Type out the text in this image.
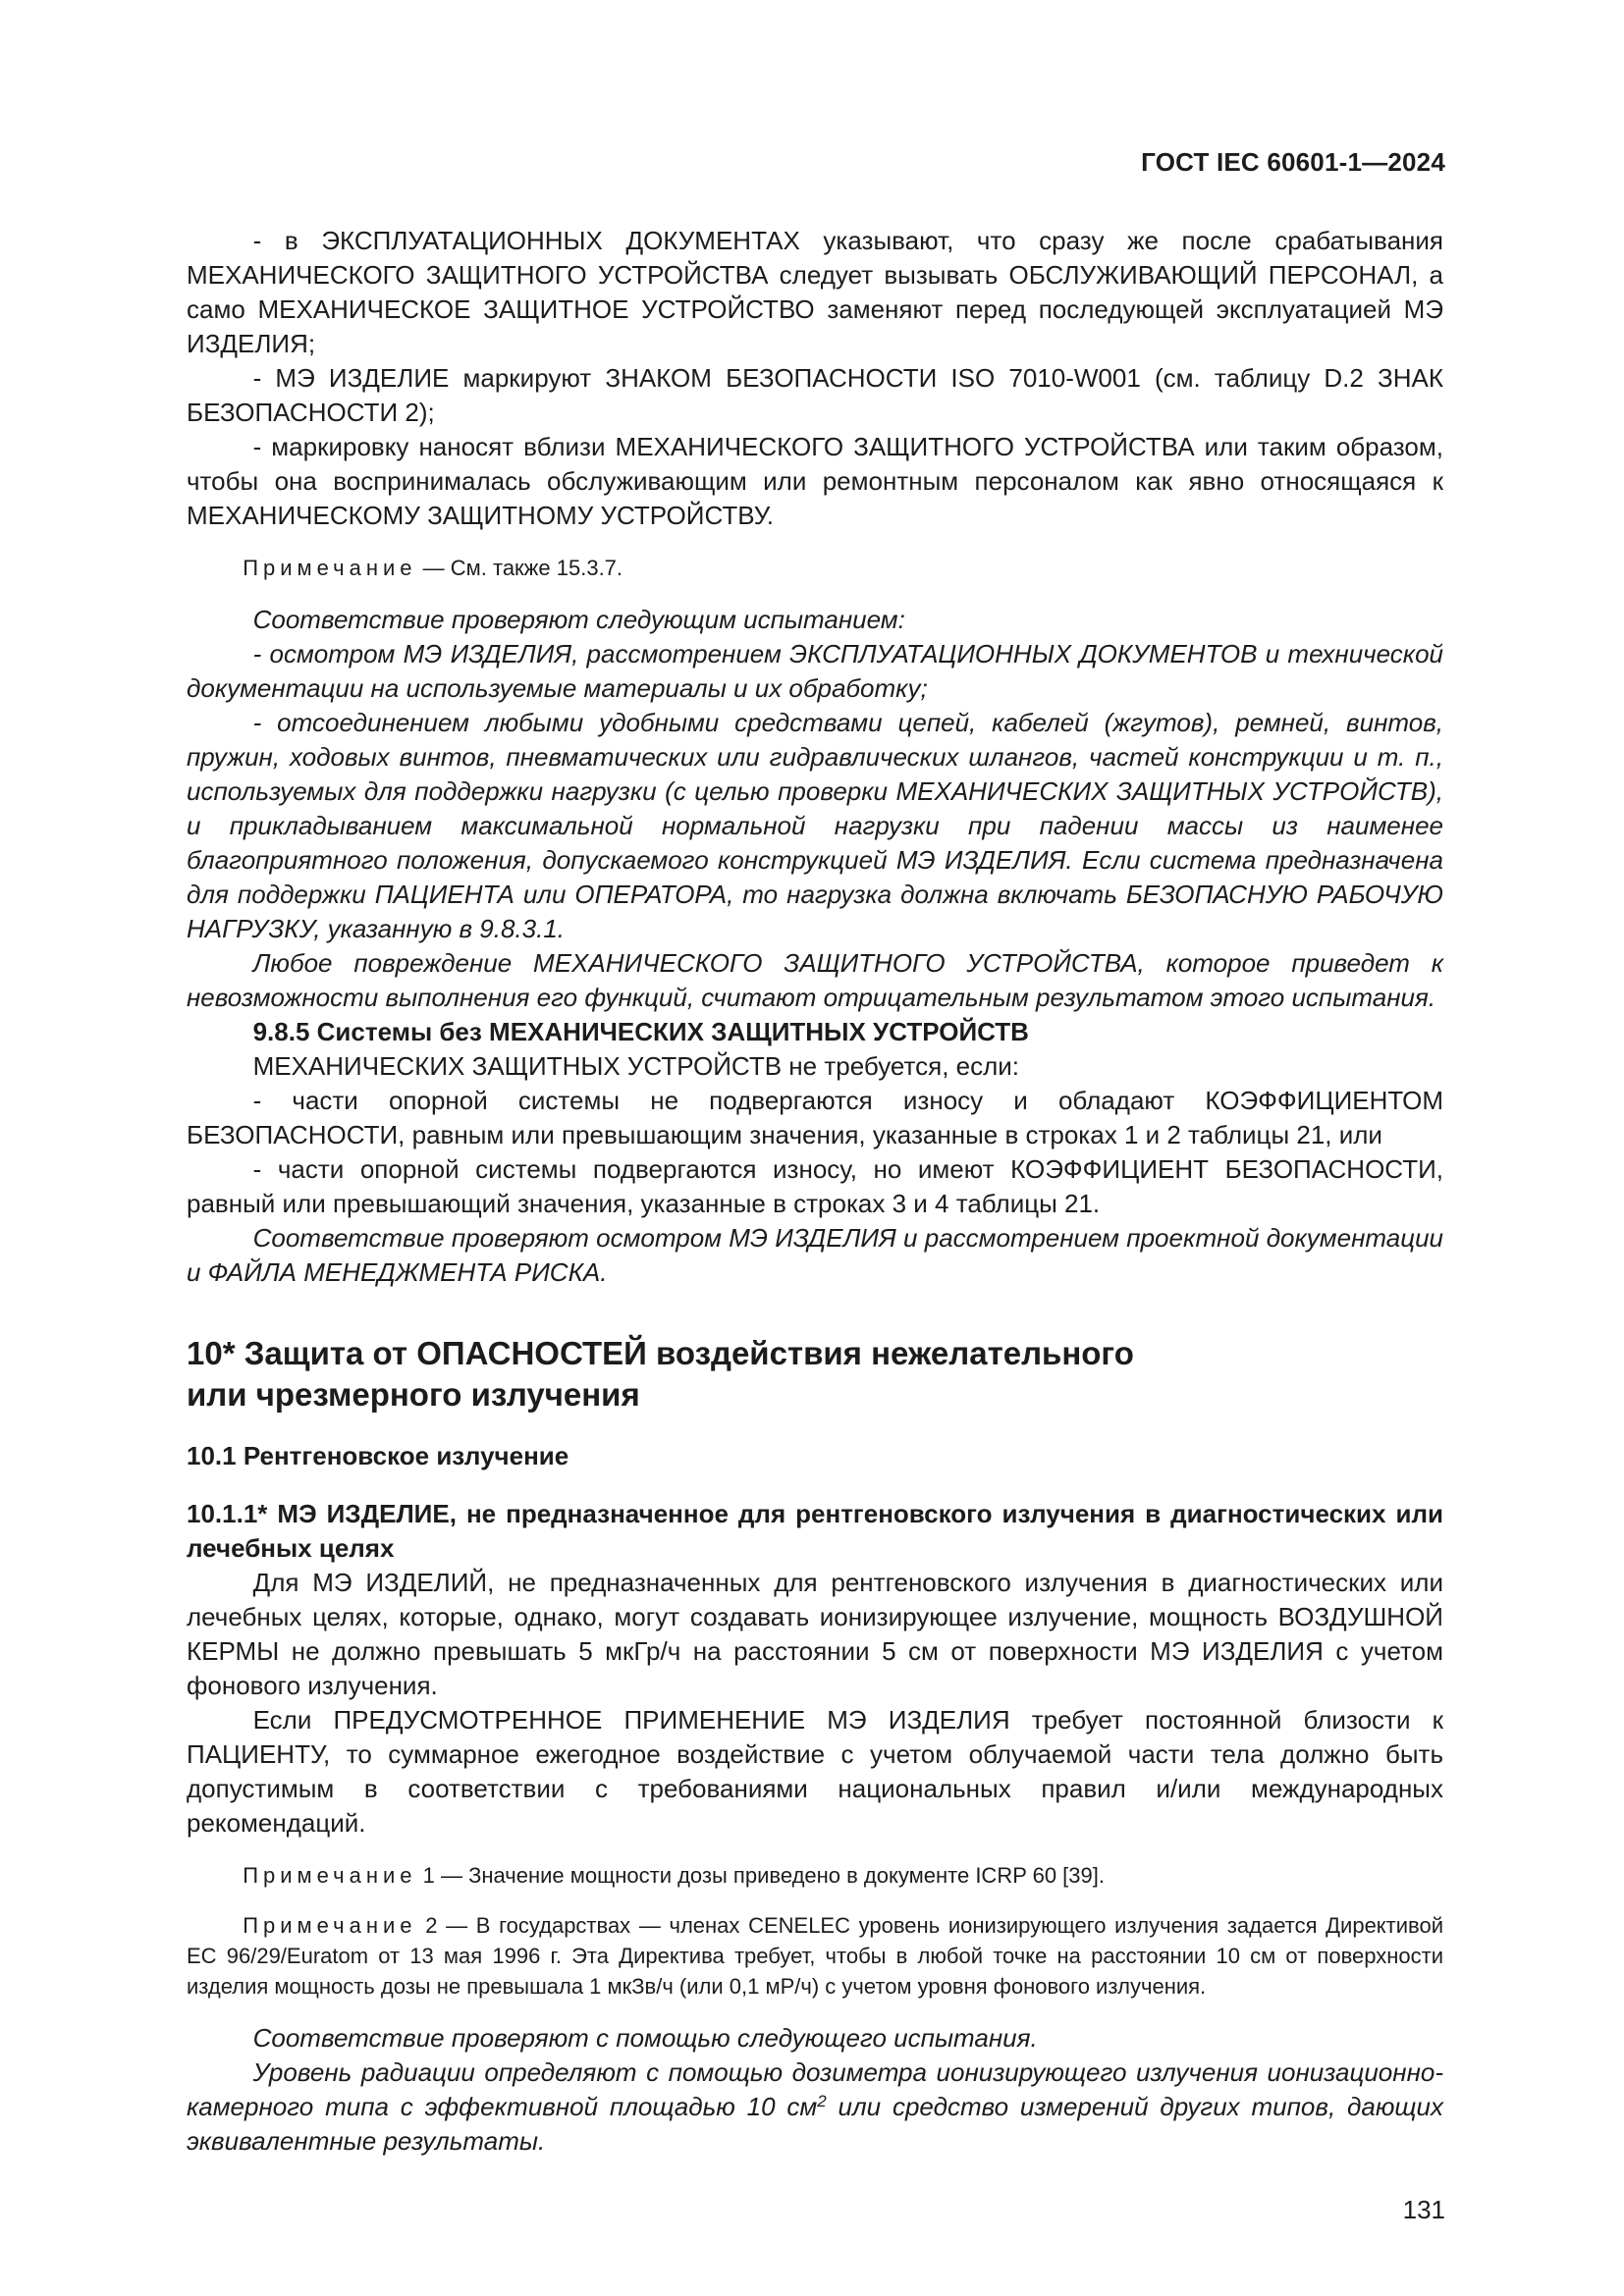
ГОСТ IEC 60601-1—2024

- в ЭКСПЛУАТАЦИОННЫХ ДОКУМЕНТАХ указывают, что сразу же после срабатывания МЕХАНИЧЕСКОГО ЗАЩИТНОГО УСТРОЙСТВА следует вызывать ОБСЛУЖИВАЮЩИЙ ПЕРСОНАЛ, а само МЕХАНИЧЕСКОЕ ЗАЩИТНОЕ УСТРОЙСТВО заменяют перед последующей эксплуатацией МЭ ИЗДЕЛИЯ;

- МЭ ИЗДЕЛИЕ маркируют ЗНАКОМ БЕЗОПАСНОСТИ ISO 7010-W001 (см. таблицу D.2 ЗНАК БЕЗОПАСНОСТИ 2);

- маркировку наносят вблизи МЕХАНИЧЕСКОГО ЗАЩИТНОГО УСТРОЙСТВА или таким образом, чтобы она воспринималась обслуживающим или ремонтным персоналом как явно относящаяся к МЕХАНИЧЕСКОМУ ЗАЩИТНОМУ УСТРОЙСТВУ.

Примечание — См. также 15.3.7.

Соответствие проверяют следующим испытанием:

- осмотром МЭ ИЗДЕЛИЯ, рассмотрением ЭКСПЛУАТАЦИОННЫХ ДОКУМЕНТОВ и технической документации на используемые материалы и их обработку;

- отсоединением любыми удобными средствами цепей, кабелей (жгутов), ремней, винтов, пружин, ходовых винтов, пневматических или гидравлических шлангов, частей конструкции и т. п., используемых для поддержки нагрузки (с целью проверки МЕХАНИЧЕСКИХ ЗАЩИТНЫХ УСТРОЙСТВ), и прикладыванием максимальной нормальной нагрузки при падении массы из наименее благоприятного положения, допускаемого конструкцией МЭ ИЗДЕЛИЯ. Если система предназначена для поддержки ПАЦИЕНТА или ОПЕРАТОРА, то нагрузка должна включать БЕЗОПАСНУЮ РАБОЧУЮ НАГРУЗКУ, указанную в 9.8.3.1.

Любое повреждение МЕХАНИЧЕСКОГО ЗАЩИТНОГО УСТРОЙСТВА, которое приведет к невозможности выполнения его функций, считают отрицательным результатом этого испытания.

9.8.5 Системы без МЕХАНИЧЕСКИХ ЗАЩИТНЫХ УСТРОЙСТВ

МЕХАНИЧЕСКИХ ЗАЩИТНЫХ УСТРОЙСТВ не требуется, если:

- части опорной системы не подвергаются износу и обладают КОЭФФИЦИЕНТОМ БЕЗОПАСНОСТИ, равным или превышающим значения, указанные в строках 1 и 2 таблицы 21, или

- части опорной системы подвергаются износу, но имеют КОЭФФИЦИЕНТ БЕЗОПАСНОСТИ, равный или превышающий значения, указанные в строках 3 и 4 таблицы 21.

Соответствие проверяют осмотром МЭ ИЗДЕЛИЯ и рассмотрением проектной документации и ФАЙЛА МЕНЕДЖМЕНТА РИСКА.

10* Защита от ОПАСНОСТЕЙ воздействия нежелательного
или чрезмерного излучения

10.1 Рентгеновское излучение

10.1.1* МЭ ИЗДЕЛИЕ, не предназначенное для рентгеновского излучения в диагностических или лечебных целях

Для МЭ ИЗДЕЛИЙ, не предназначенных для рентгеновского излучения в диагностических или лечебных целях, которые, однако, могут создавать ионизирующее излучение, мощность ВОЗДУШНОЙ КЕРМЫ не должно превышать 5 мкГр/ч на расстоянии 5 см от поверхности МЭ ИЗДЕЛИЯ с учетом фонового излучения.

Если ПРЕДУСМОТРЕННОЕ ПРИМЕНЕНИЕ МЭ ИЗДЕЛИЯ требует постоянной близости к ПАЦИЕНТУ, то суммарное ежегодное воздействие с учетом облучаемой части тела должно быть допустимым в соответствии с требованиями национальных правил и/или международных рекомендаций.

Примечание 1 — Значение мощности дозы приведено в документе ICRP 60 [39].

Примечание 2 — В государствах — членах CENELEC уровень ионизирующего излучения задается Директивой ЕС 96/29/Euratom от 13 мая 1996 г. Эта Директива требует, чтобы в любой точке на расстоянии 10 см от поверхности изделия мощность дозы не превышала 1 мкЗв/ч (или 0,1 мР/ч) с учетом уровня фонового излучения.

Соответствие проверяют с помощью следующего испытания.

Уровень радиации определяют с помощью дозиметра ионизирующего излучения ионизационно-камерного типа с эффективной площадью 10 $см^2$ или средство измерений других типов, дающих эквивалентные результаты.

131
